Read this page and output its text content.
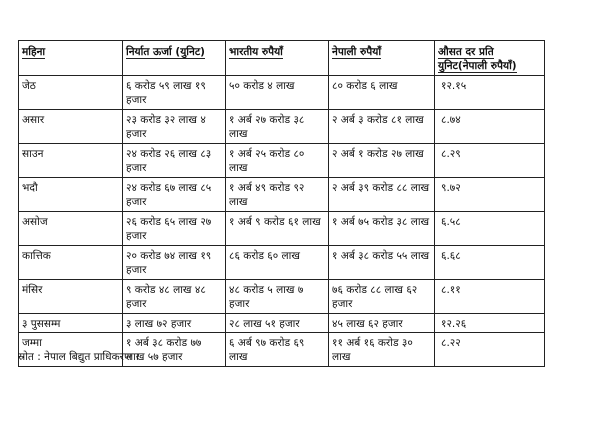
महिना	निर्यात ऊर्जा (युनिट)	भारतीय रुपैयाँ	नेपाली रुपैयाँ	औसत दर प्रति युनिट(नेपाली रुपैयाँ)
जेठ	६ करोड ५९ लाख १९ हजार	५० करोड ४ लाख	८० करोड ६ लाख	१२.१५
असार	२३ करोड ३२ लाख ४ हजार	१ अर्ब २७ करोड ३८ लाख	२ अर्ब ३ करोड ८१ लाख	८.७४
साउन	२४ करोड २६ लाख ८३ हजार	१ अर्ब २५ करोड ८० लाख	२ अर्ब १ करोड २७ लाख	८.२९
भदौ	२४ करोड ६७ लाख ८५ हजार	१ अर्ब ४९ करोड ९२ लाख	२ अर्ब ३९ करोड ८८ लाख	९.७२
असोज	२६ करोड ६५ लाख २७ हजार	१ अर्ब ९ करोड ६१ लाख	१ अर्ब ७५ करोड ३८ लाख	६.५८
कात्तिक	२० करोड ७४ लाख १९ हजार	८६ करोड ६० लाख	१ अर्ब ३८ करोड ५५ लाख	६.६८
मंसिर	९ करोड ४८ लाख ४८ हजार	४८ करोड ५ लाख ७ हजार	७६ करोड ८८ लाख ६२ हजार	८.११
३ पुससम्म	३ लाख ७२ हजार	२८ लाख ५१ हजार	४५ लाख ६२ हजार	१२.२६
जम्मा	१ अर्ब ३८ करोड ७७ लाख ५७ हजार	६ अर्ब ९७ करोड ६९ लाख	११ अर्ब १६ करोड ३० लाख	८.२२
स्रोत : नेपाल बिद्युत प्राधिकरण ।
